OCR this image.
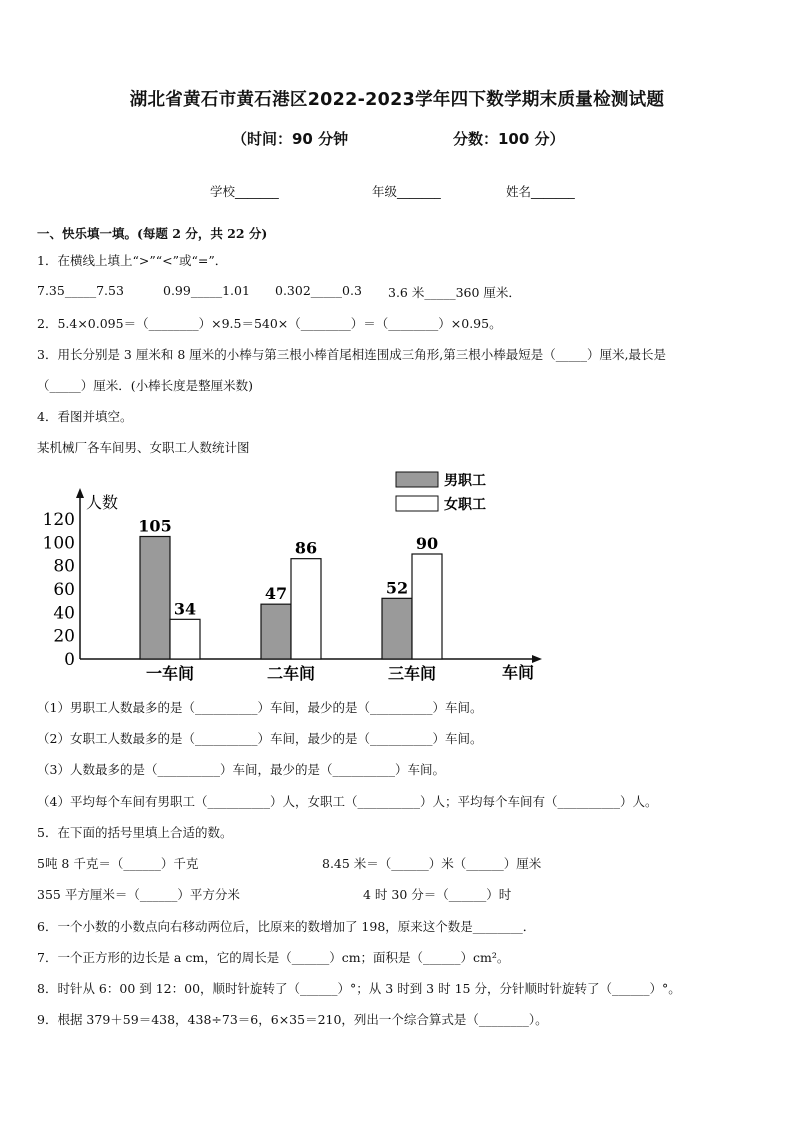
湖北省黄石市黄石港区2022-2023学年四下数学期末质量检测试题
（时间：90 分钟	分数：100 分）
学校_______	年级_______	姓名_______
一、快乐填一填。(每题 2 分，共 22 分)
1．在横线上填上“>”“<”或“=”．
7.35_____7.53	0.99_____1.01 0.302_____0.3 3.6 米_____360 厘米．
2．5.4×0.095＝（________）×9.5＝540×（________）＝（________）×0.95。
3．用长分别是 3 厘米和 8 厘米的小棒与第三根小棒首尾相连围成三角形,第三根小棒最短是（_____）厘米,最长是
（_____）厘米．(小棒长度是整厘米数)
4．看图并填空。
某机械厂各车间男、女职工人数统计图
人数
车间
0
20
40
60
80
100
120	105
34
47
86
52
90
一车间	二车间	三车间
男职工
女职工
（1）男职工人数最多的是（__________）车间，最少的是（__________）车间。
（2）女职工人数最多的是（__________）车间，最少的是（__________）车间。
（3）人数最多的是（__________）车间，最少的是（__________）车间。
（4）平均每个车间有男职工（__________）人，女职工（__________）人；平均每个车间有（__________）人。
5．在下面的括号里填上合适的数。
5吨 8 千克＝（______）千克	8.45 米＝（______）米（______）厘米
355 平方厘米＝（______）平方分米	4 时 30 分＝（______）时
6．一个小数的小数点向右移动两位后，比原来的数增加了 198，原来这个数是________．
7．一个正方形的边长是 a cm，它的周长是（______）cm；面积是（______）cm²。
8．时针从 6：00 到 12：00，顺时针旋转了（______）°；从 3 时到 3 时 15 分，分针顺时针旋转了（______）°。
9．根据 379＋59＝438，438÷73＝6，6×35＝210，列出一个综合算式是（________）。
